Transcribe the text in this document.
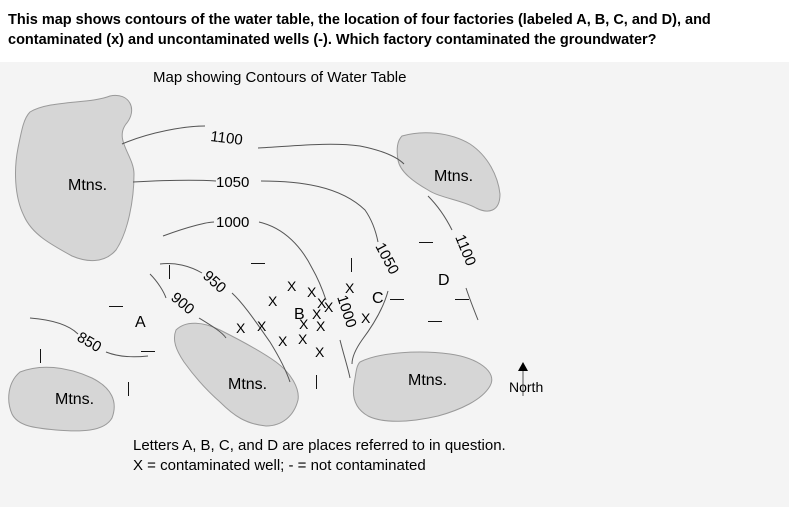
This map shows contours of the water table, the location of four factories (labeled A, B, C, and D), and
contaminated (x) and uncontaminated wells (-). Which factory contaminated the groundwater?
Map showing Contours of Water Table
Mtns.
Mtns.
Mtns.	Mtns.
Mtns.
1100
1050
1000
950
900
850
1050
1000
1100
A	B
C
D
X X
X	X
X X
X X
X X
X X
X
X
X
—
—
—
—
—
—
—
—
—
—
—
—	North
Letters A, B, C, and D are places referred to in question.
X = contaminated well; - = not contaminated
